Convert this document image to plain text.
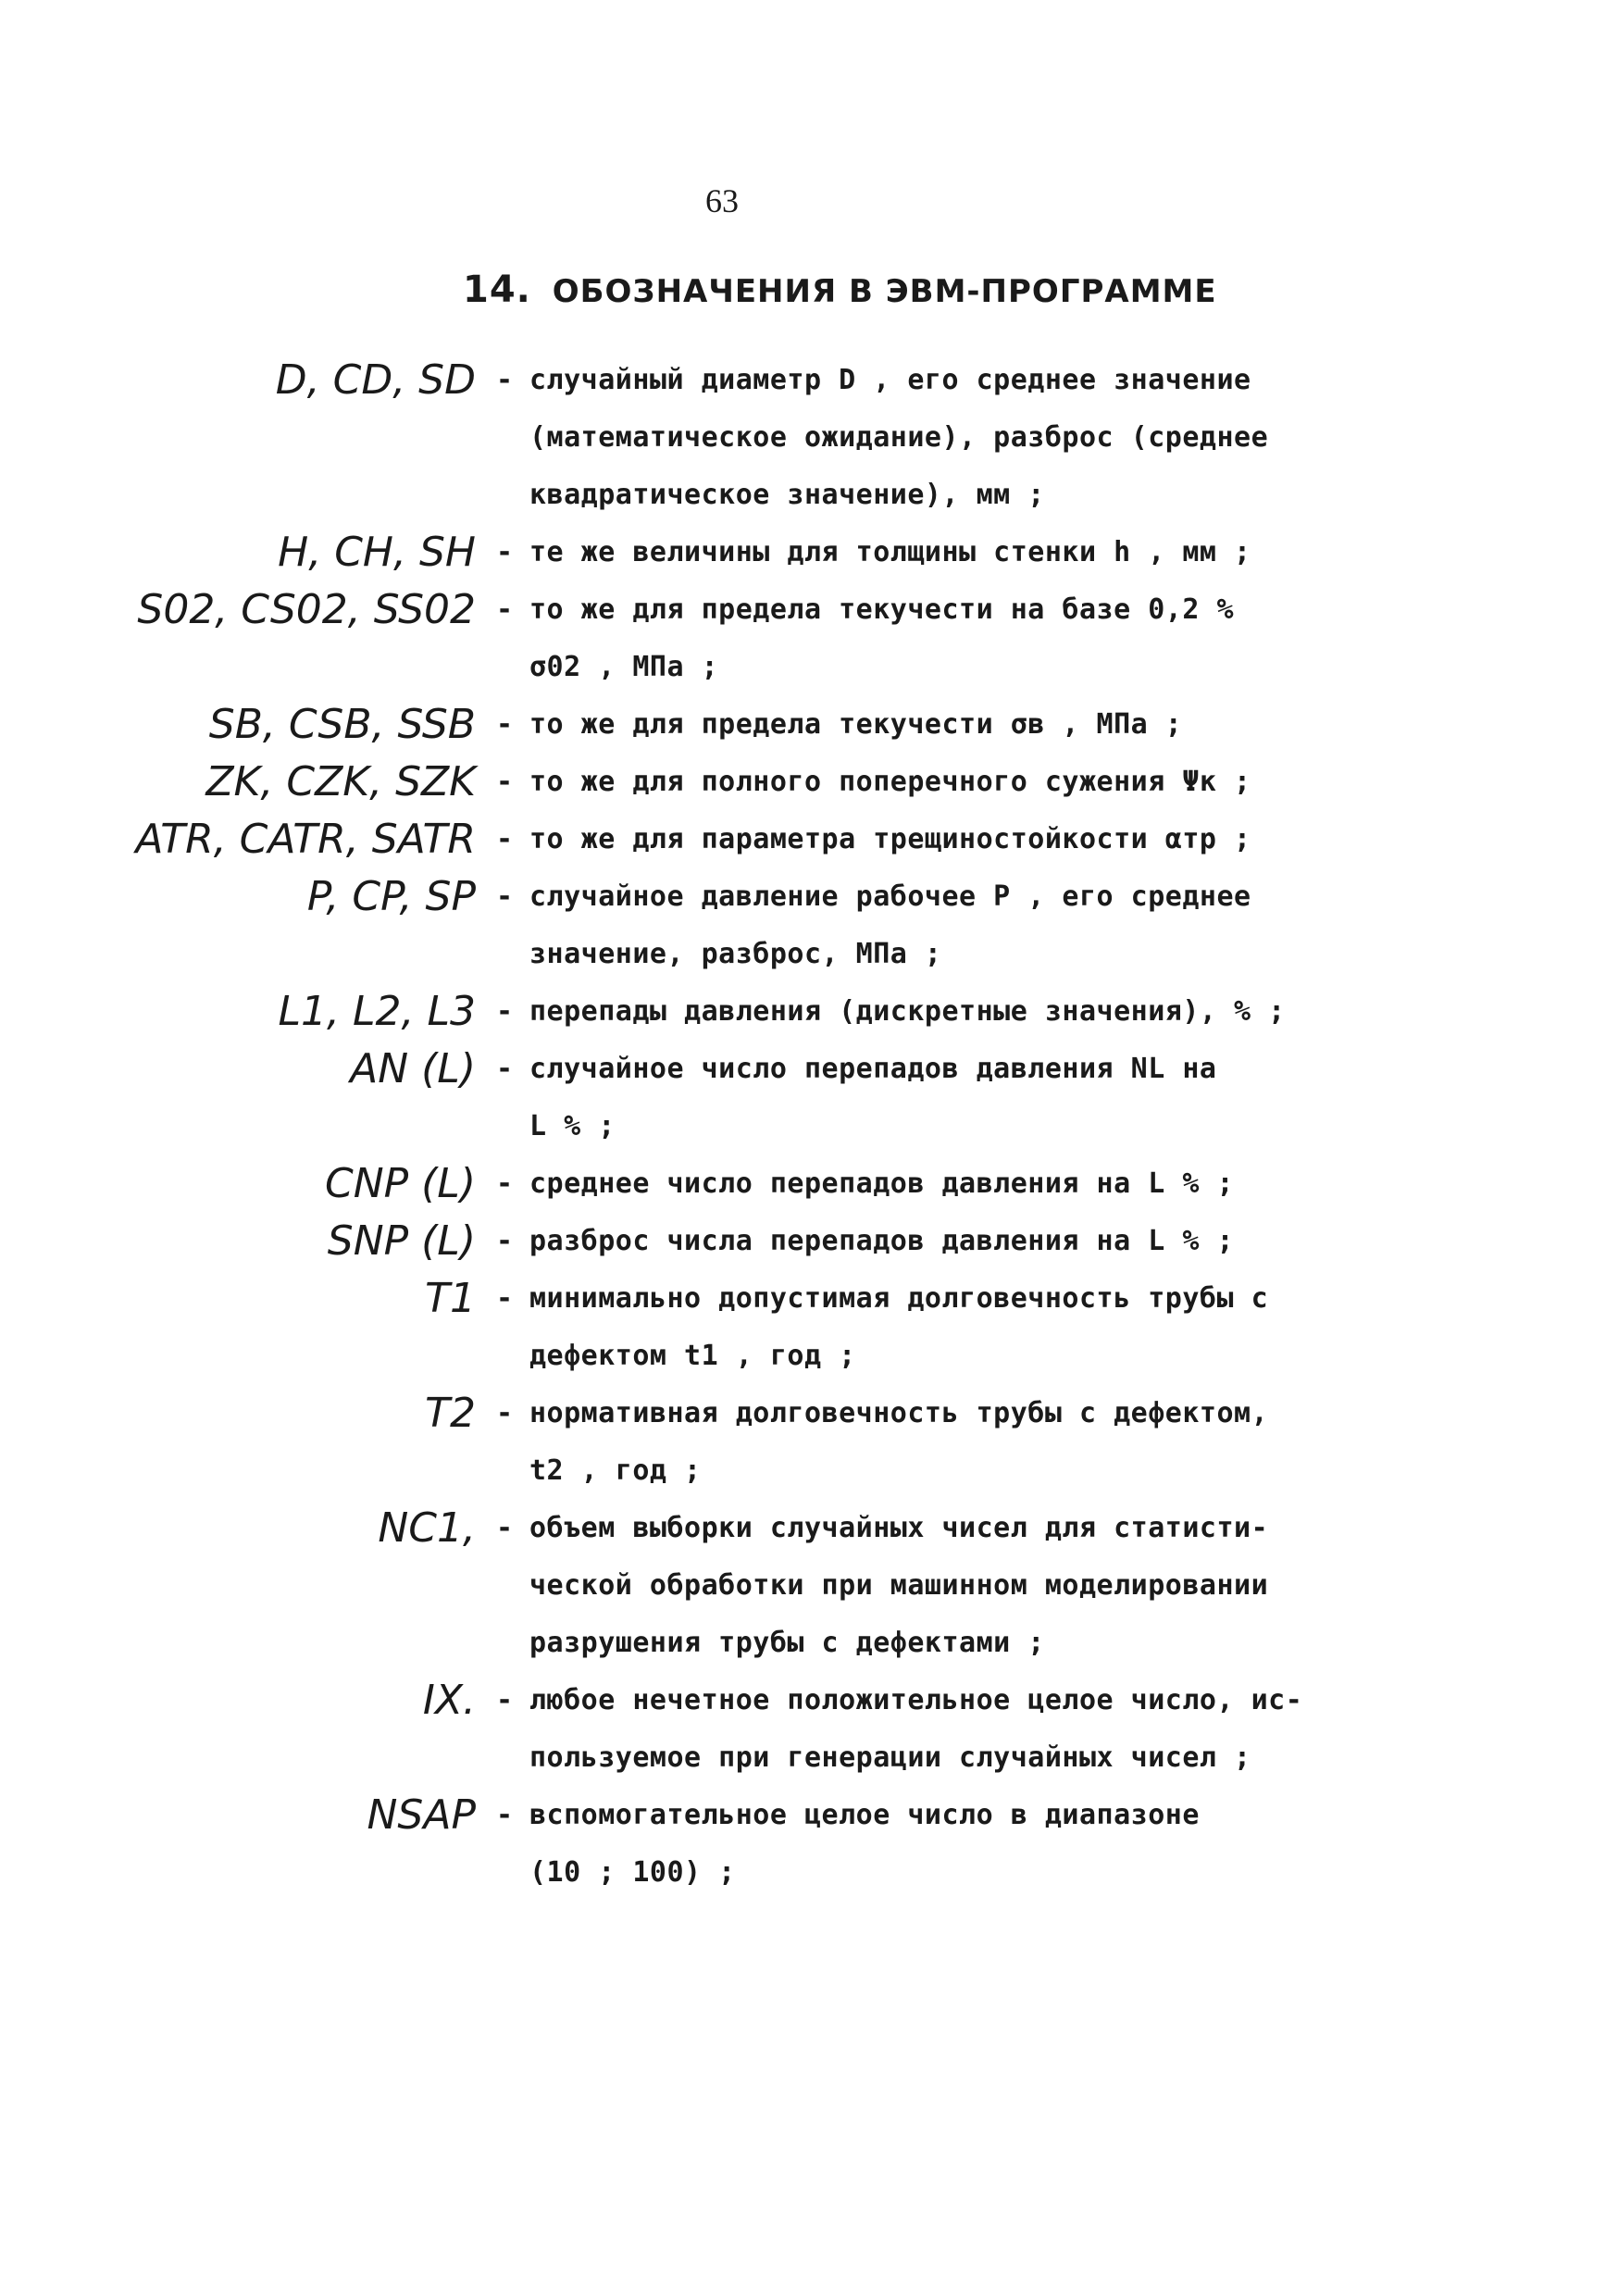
63
14. ОБОЗНАЧЕНИЯ В ЭВМ-ПРОГРАММЕ
D, CD, SD - случайный диаметр D , его среднее значение
(математическое ожидание), разброс (среднее
квадратическое значение), мм ;
H, CH, SH - те же величины для толщины стенки h , мм ;
S02, CS02, SS02 - то же для предела текучести на базе 0,2 %
σ02 , МПа ;
SB, CSB, SSB - то же для предела текучести σв , МПа ;
ZK, CZK, SZK - то же для полного поперечного сужения Ψк ;
ATR, CATR, SATR - то же для параметра трещиностойкости αтр ;
P, CP, SP - случайное давление рабочее P , его среднее
значение, разброс, МПа ;
L1, L2, L3 - перепады давления (дискретные значения), % ;
AN (L) - случайное число перепадов давления NL на
L % ;
CNP (L) - среднее число перепадов давления на L % ;
SNP (L) - разброс числа перепадов давления на L % ;
T1 - минимально допустимая долговечность трубы с
дефектом t1 , год ;
T2 - нормативная долговечность трубы с дефектом,
t2 , год ;
NC1, - объем выборки случайных чисел для статисти-
ческой обработки при машинном моделировании
разрушения трубы с дефектами ;
IX. - любое нечетное положительное целое число, ис-
пользуемое при генерации случайных чисел ;
NSAP - вспомогательное целое число в диапазоне
(10 ; 100) ;
